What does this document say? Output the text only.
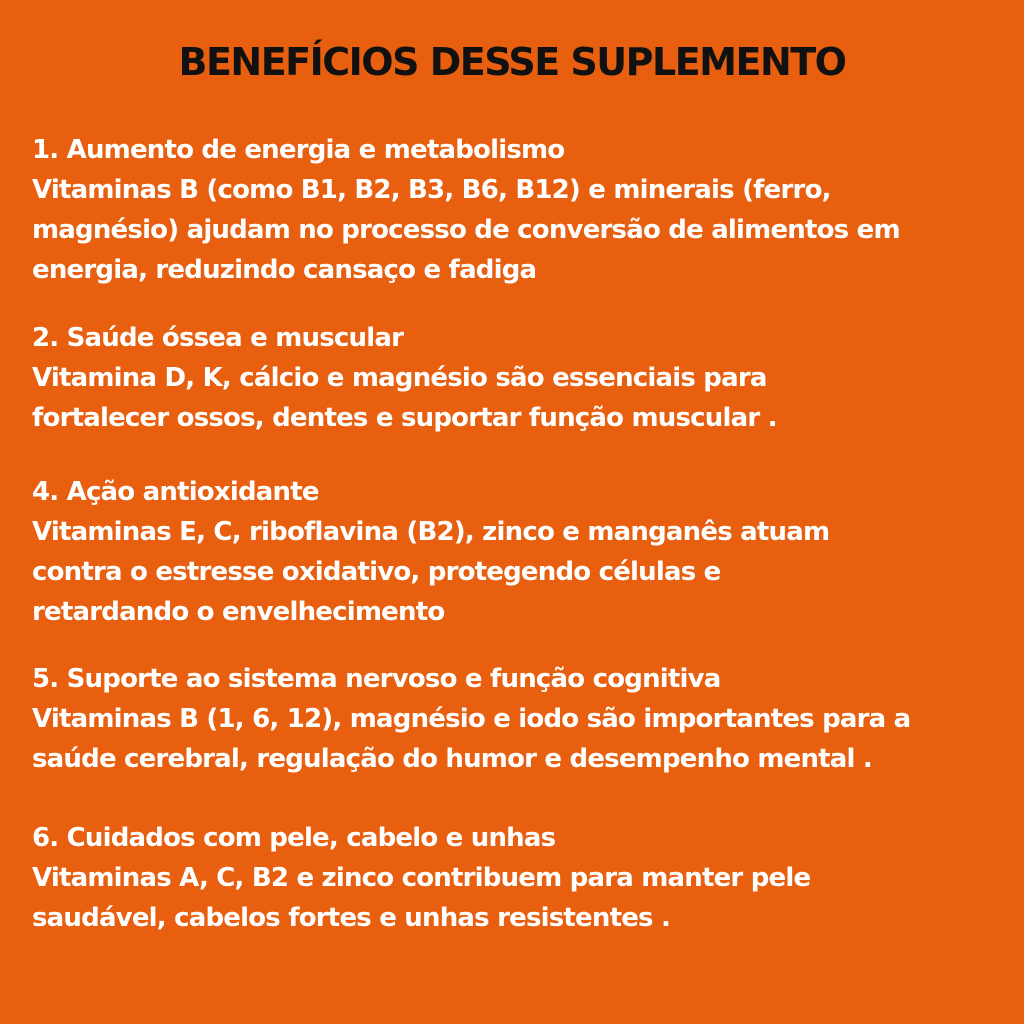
BENEFÍCIOS DESSE SUPLEMENTO
1. Aumento de energia e metabolismo
Vitaminas B (como B1, B2, B3, B6, B12) e minerais (ferro,
magnésio) ajudam no processo de conversão de alimentos em
energia, reduzindo cansaço e fadiga
2. Saúde óssea e muscular
Vitamina D, K, cálcio e magnésio são essenciais para
fortalecer ossos, dentes e suportar função muscular .
4. Ação antioxidante
Vitaminas E, C, riboflavina (B2), zinco e manganês atuam
contra o estresse oxidativo, protegendo células e
retardando o envelhecimento
5. Suporte ao sistema nervoso e função cognitiva
Vitaminas B (1, 6, 12), magnésio e iodo são importantes para a
saúde cerebral, regulação do humor e desempenho mental .
6. Cuidados com pele, cabelo e unhas
Vitaminas A, C, B2 e zinco contribuem para manter pele
saudável, cabelos fortes e unhas resistentes .
